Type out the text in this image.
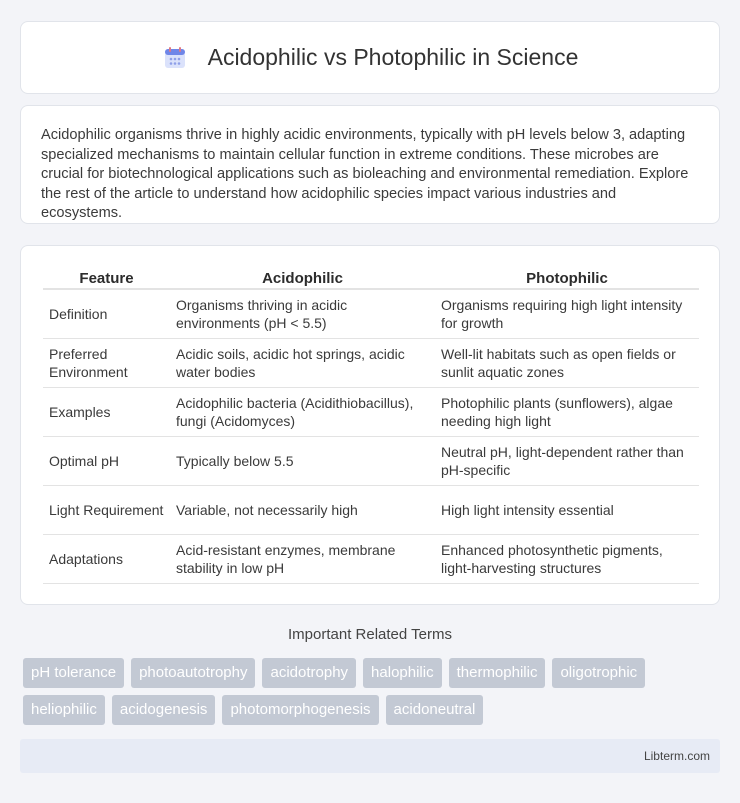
Acidophilic vs Photophilic in Science

Acidophilic organisms thrive in highly acidic environments, typically with pH levels below 3, adapting specialized mechanisms to maintain cellular function in extreme conditions. These microbes are crucial for biotechnological applications such as bioleaching and environmental remediation. Explore the rest of the article to understand how acidophilic species impact various industries and ecosystems.

Feature	Acidophilic	Photophilic
Definition	Organisms thriving in acidic environments (pH < 5.5)	Organisms requiring high light intensity for growth
Preferred Environment	Acidic soils, acidic hot springs, acidic water bodies	Well-lit habitats such as open fields or sunlit aquatic zones
Examples	Acidophilic bacteria (Acidithiobacillus), fungi (Acidomyces)	Photophilic plants (sunflowers), algae needing high light
Optimal pH	Typically below 5.5	Neutral pH, light-dependent rather than pH-specific
Light Requirement	Variable, not necessarily high	High light intensity essential
Adaptations	Acid-resistant enzymes, membrane stability in low pH	Enhanced photosynthetic pigments, light-harvesting structures
Important Related Terms
pH tolerance	photoautotrophy	acidotrophy	halophilic	thermophilic	oligotrophic
heliophilic	acidogenesis	photomorphogenesis	acidoneutral
Libterm.com
